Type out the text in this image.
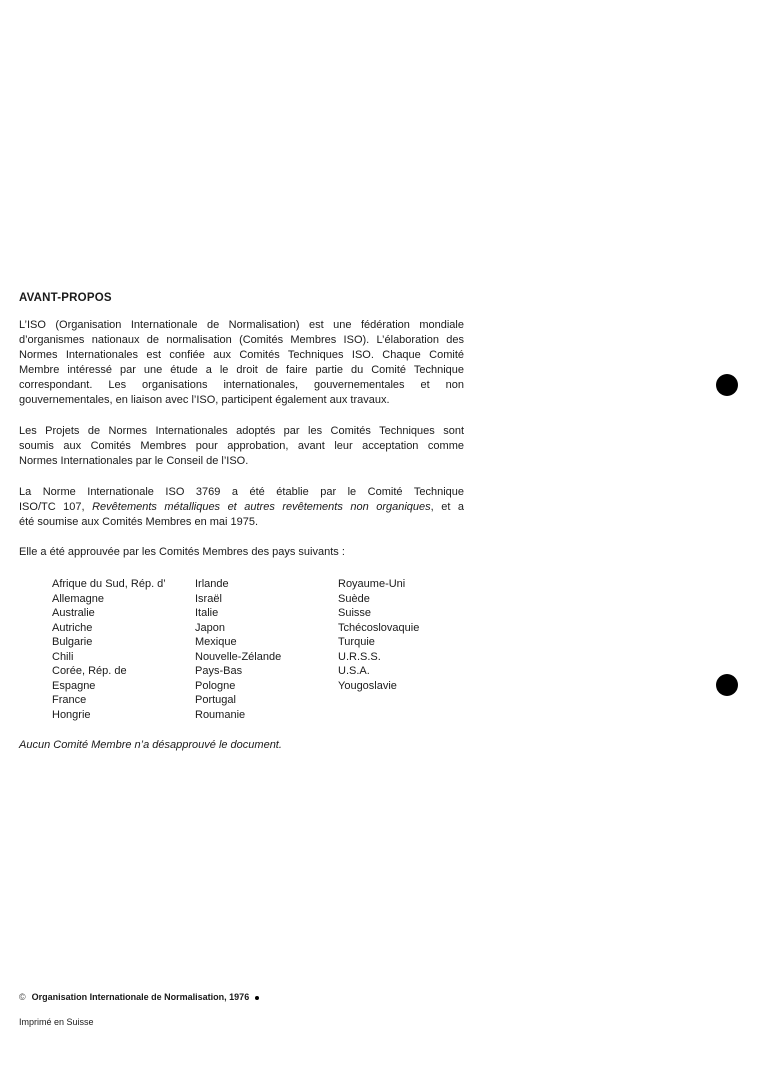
AVANT-PROPOS
L’ISO (Organisation Internationale de Normalisation) est une fédération mondiale
d’organismes nationaux de normalisation (Comités Membres ISO). L’élaboration des
Normes Internationales est confiée aux Comités Techniques ISO. Chaque Comité
Membre intéressé par une étude a le droit de faire partie du Comité Technique
correspondant. Les organisations internationales, gouvernementales et non
gouvernementales, en liaison avec l’ISO, participent également aux travaux.
Les Projets de Normes Internationales adoptés par les Comités Techniques sont
soumis aux Comités Membres pour approbation, avant leur acceptation comme
Normes Internationales par le Conseil de l’ISO.
La Norme Internationale ISO 3769 a été établie par le Comité Technique
ISO/TC 107, Revêtements métalliques et autres revêtements non organiques, et a
été soumise aux Comités Membres en mai 1975.
Elle a été approuvée par les Comités Membres des pays suivants :
Afrique du Sud, Rép. d’
Allemagne
Australie
Autriche
Bulgarie
Chili
Corée, Rép. de
Espagne
France
Hongrie
Irlande
Israël
Italie
Japon
Mexique
Nouvelle-Zélande
Pays-Bas
Pologne
Portugal
Roumanie
Royaume-Uni
Suède
Suisse
Tchécoslovaquie
Turquie
U.R.S.S.
U.S.A.
Yougoslavie
Aucun Comité Membre n’a désapprouvé le document.
© Organisation Internationale de Normalisation, 1976
Imprimé en Suisse
